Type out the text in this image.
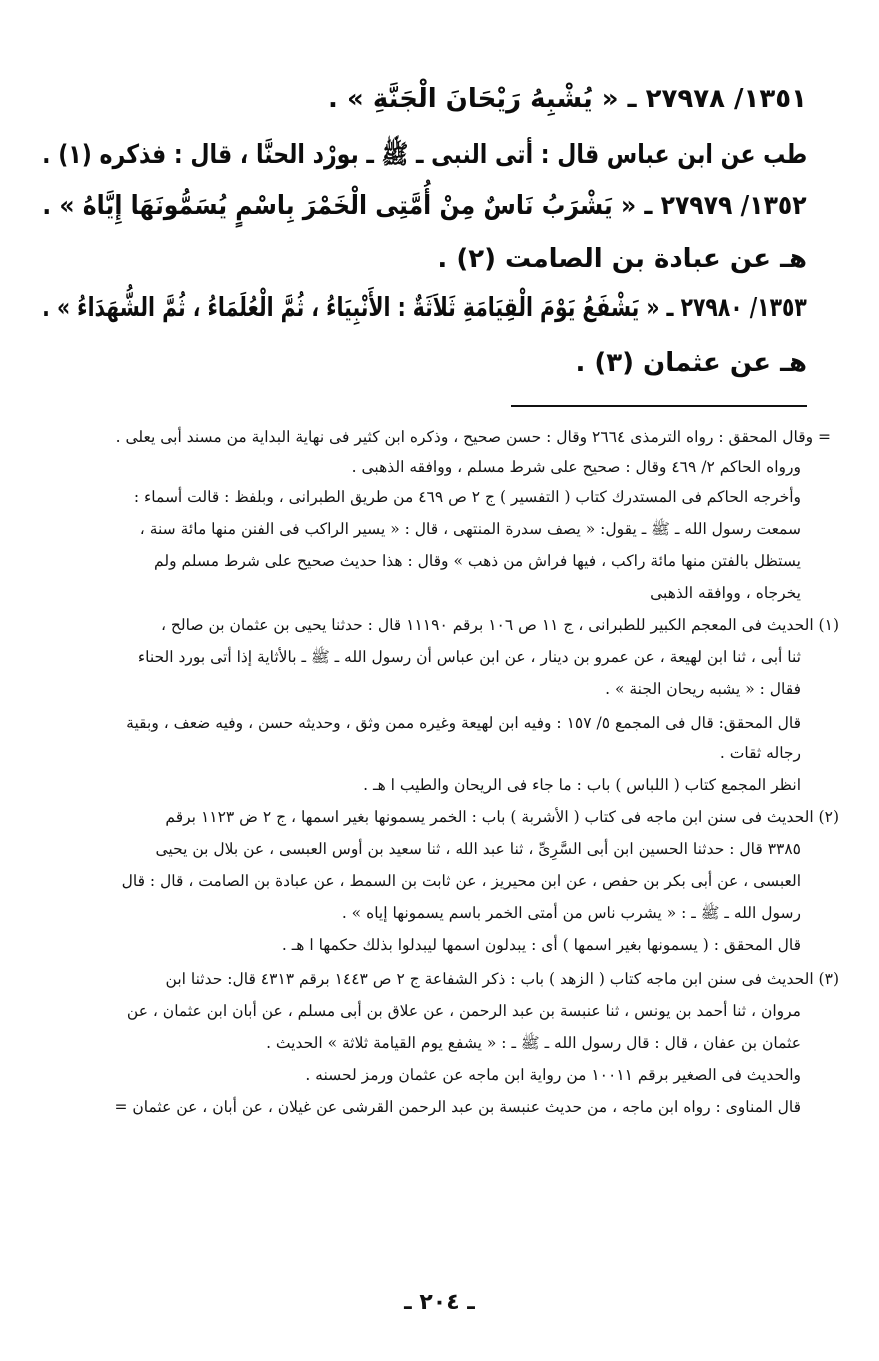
١٣٥١/ ٢٧٩٧٨ ـ « يُشْبِهُ رَيْحَانَ الْجَنَّةِ » .
طب عن ابن عباس قال : أتى النبى ـ ﷺ ـ بورْد الحنَّا ، قال : فذكره (١) .
١٣٥٢/ ٢٧٩٧٩ ـ « يَشْرَبُ نَاسٌ مِنْ أُمَّتِى الْخَمْرَ بِاسْمٍ يُسَمُّونَهَا إِيَّاهُ » .
هـ عن عبادة بن الصامت (٢) .
١٣٥٣/ ٢٧٩٨٠ ـ « يَشْفَعُ يَوْمَ الْقِيَامَةِ ثَلاَثَةٌ : الأَنْبِيَاءُ ، ثُمَّ الْعُلَمَاءُ ، ثُمَّ الشُّهَدَاءُ » .
هـ عن عثمان (٣) .
= وقال المحقق : رواه الترمذى ٢٦٦٤ وقال : حسن صحيح ، وذكره ابن كثير فى نهاية البداية من مسند أبى يعلى .
ورواه الحاكم ٢/ ٤٦٩ وقال : صحيح على شرط مسلم ، ووافقه الذهبى .
وأخرجه الحاكم فى المستدرك كتاب ( التفسير ) ج ٢ ص ٤٦٩ من طريق الطبرانى ، وبلفظ : قالت أسماء :
سمعت رسول الله ـ ﷺ ـ يقول: « يصف سدرة المنتهى ، قال : « يسير الراكب فى الفنن منها مائة سنة ،
يستظل بالفتن منها مائة راكب ، فيها فراش من ذهب » وقال : هذا حديث صحيح على شرط مسلم ولم
يخرجاه ، ووافقه الذهبى
(١) الحديث فى المعجم الكبير للطبرانى ، ج ١١ ص ١٠٦ برقم ١١١٩٠ قال : حدثنا يحيى بن عثمان بن صالح ،
ثنا أبى ، ثنا ابن لهيعة ، عن عمرو بن دينار ، عن ابن عباس أن رسول الله ـ ﷺ ـ بالأثاية إذا أتى بورد الحناء
فقال : « يشبه ريحان الجنة » .
قال المحقق: قال فى المجمع ٥/ ١٥٧ : وفيه ابن لهيعة وغيره ممن وثق ، وحديثه حسن ، وفيه ضعف ، وبقية
رجاله ثقات .
انظر المجمع كتاب ( اللباس ) باب : ما جاء فى الريحان والطيب ا هـ .
(٢) الحديث فى سنن ابن ماجه فى كتاب ( الأشربة ) باب : الخمر يسمونها بغير اسمها ، ج ٢ ض ١١٢٣ برقم
٣٣٨٥ قال : حدثنا الحسين ابن أبى السَّرِىِّ ، ثنا عبد الله ، ثنا سعيد بن أوس العبسى ، عن بلال بن يحيى
العبسى ، عن أبى بكر بن حفص ، عن ابن محيريز ، عن ثابت بن السمط ، عن عبادة بن الصامت ، قال : قال
رسول الله ـ ﷺ ـ : « يشرب ناس من أمتى الخمر باسم يسمونها إياه » .
قال المحقق : ( يسمونها بغير اسمها ) أى : يبدلون اسمها ليبدلوا بذلك حكمها ا هـ .
(٣) الحديث فى سنن ابن ماجه كتاب ( الزهد ) باب : ذكر الشفاعة ج ٢ ص ١٤٤٣ برقم ٤٣١٣ قال: حدثنا ابن
مروان ، ثنا أحمد بن يونس ، ثنا عنبسة بن عبد الرحمن ، عن علاق بن أبى مسلم ، عن أبان ابن عثمان ، عن
عثمان بن عفان ، قال : قال رسول الله ـ ﷺ ـ : « يشفع يوم القيامة ثلاثة » الحديث .
والحديث فى الصغير برقم ١٠٠١١ من رواية ابن ماجه عن عثمان ورمز لحسنه .
قال المناوى : رواه ابن ماجه ، من حديث عنبسة بن عبد الرحمن القرشى عن غيلان ، عن أبان ، عن عثمان =
ـ ٢٠٤ ـ
